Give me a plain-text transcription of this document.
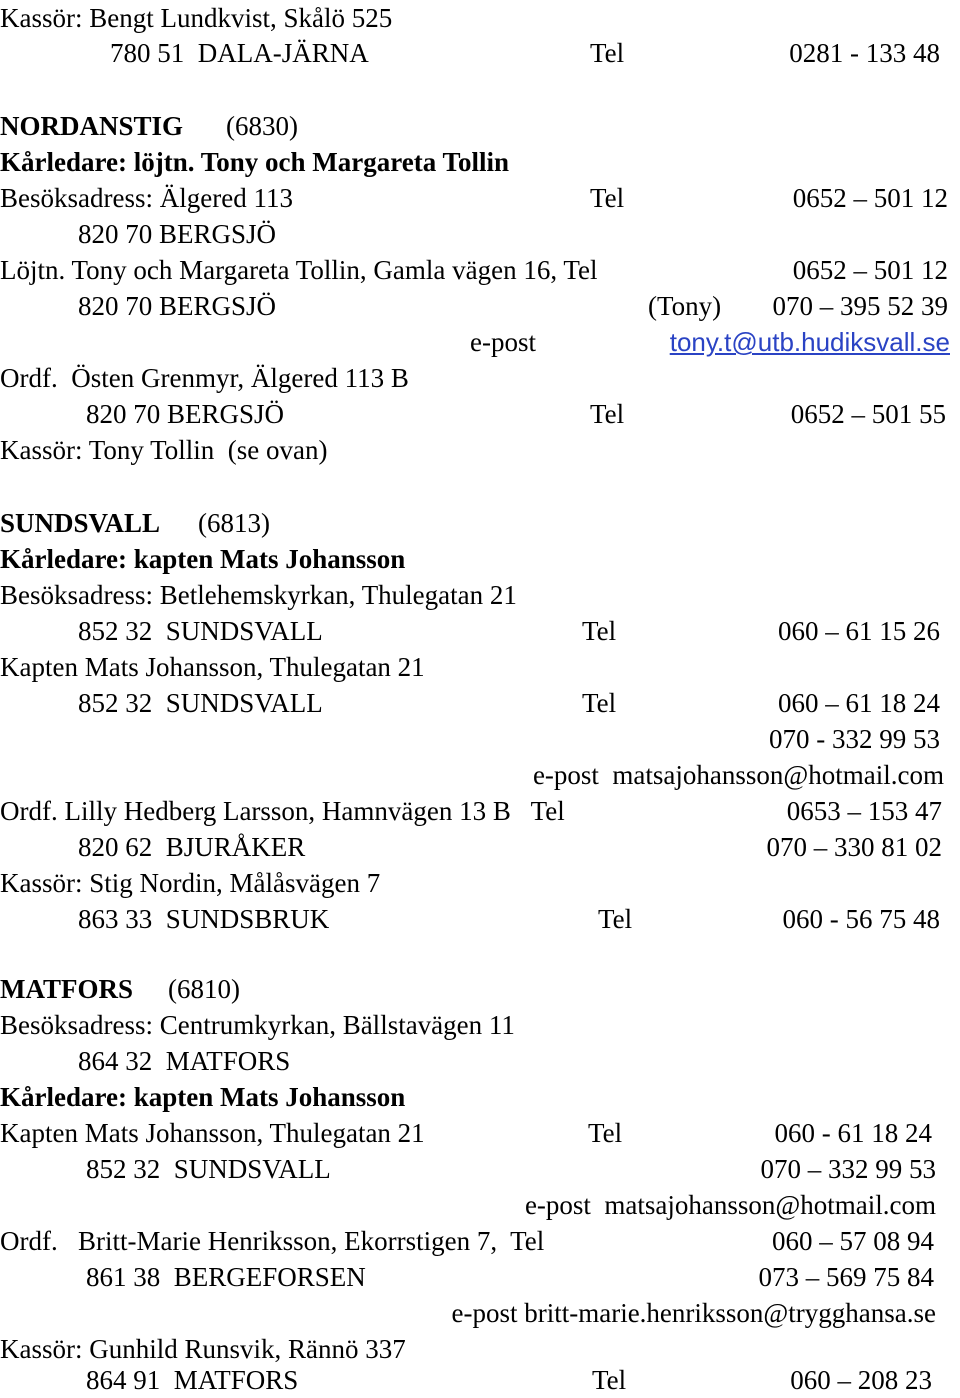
Kassör: Bengt Lundkvist, Skålö 525
780 51  DALA-JÄRNA	Tel	0281 - 133 48
NORDANSTIG (6830)
Kårledare: löjtn. Tony och Margareta Tollin
Besöksadress: Älgered 113	Tel	0652 – 501 12
820 70 BERGSJÖ
Löjtn. Tony och Margareta Tollin, Gamla vägen 16, Tel	0652 – 501 12
820 70 BERGSJÖ	(Tony) 070 – 395 52 39
e-post	tony.t@utb.hudiksvall.se
Ordf.  Östen Grenmyr, Älgered 113 B
820 70 BERGSJÖ	Tel	0652 – 501 55
Kassör: Tony Tollin  (se ovan)
SUNDSVALL (6813)
Kårledare: kapten Mats Johansson
Besöksadress: Betlehemskyrkan, Thulegatan 21
852 32  SUNDSVALL	Tel	060 – 61 15 26
Kapten Mats Johansson, Thulegatan 21
852 32  SUNDSVALL	Tel	060 – 61 18 24
070 - 332 99 53
e-post  matsajohansson@hotmail.com
Ordf. Lilly Hedberg Larsson, Hamnvägen 13 B   Tel	0653 – 153 47
820 62  BJURÅKER	070 – 330 81 02
Kassör: Stig Nordin, Målåsvägen 7
863 33  SUNDSBRUK	Tel	060 - 56 75 48
MATFORS (6810)
Besöksadress: Centrumkyrkan, Bällstavägen 11
864 32  MATFORS
Kårledare: kapten Mats Johansson
Kapten Mats Johansson, Thulegatan 21	Tel	060 - 61 18 24
852 32  SUNDSVALL	070 – 332 99 53
e-post  matsajohansson@hotmail.com
Ordf.   Britt-Marie Henriksson, Ekorrstigen 7,  Tel	060 – 57 08 94
861 38  BERGEFORSEN	073 – 569 75 84
e-post britt-marie.henriksson@trygghansa.se
Kassör: Gunhild Runsvik, Rännö 337
864 91  MATFORS	Tel	060 – 208 23
